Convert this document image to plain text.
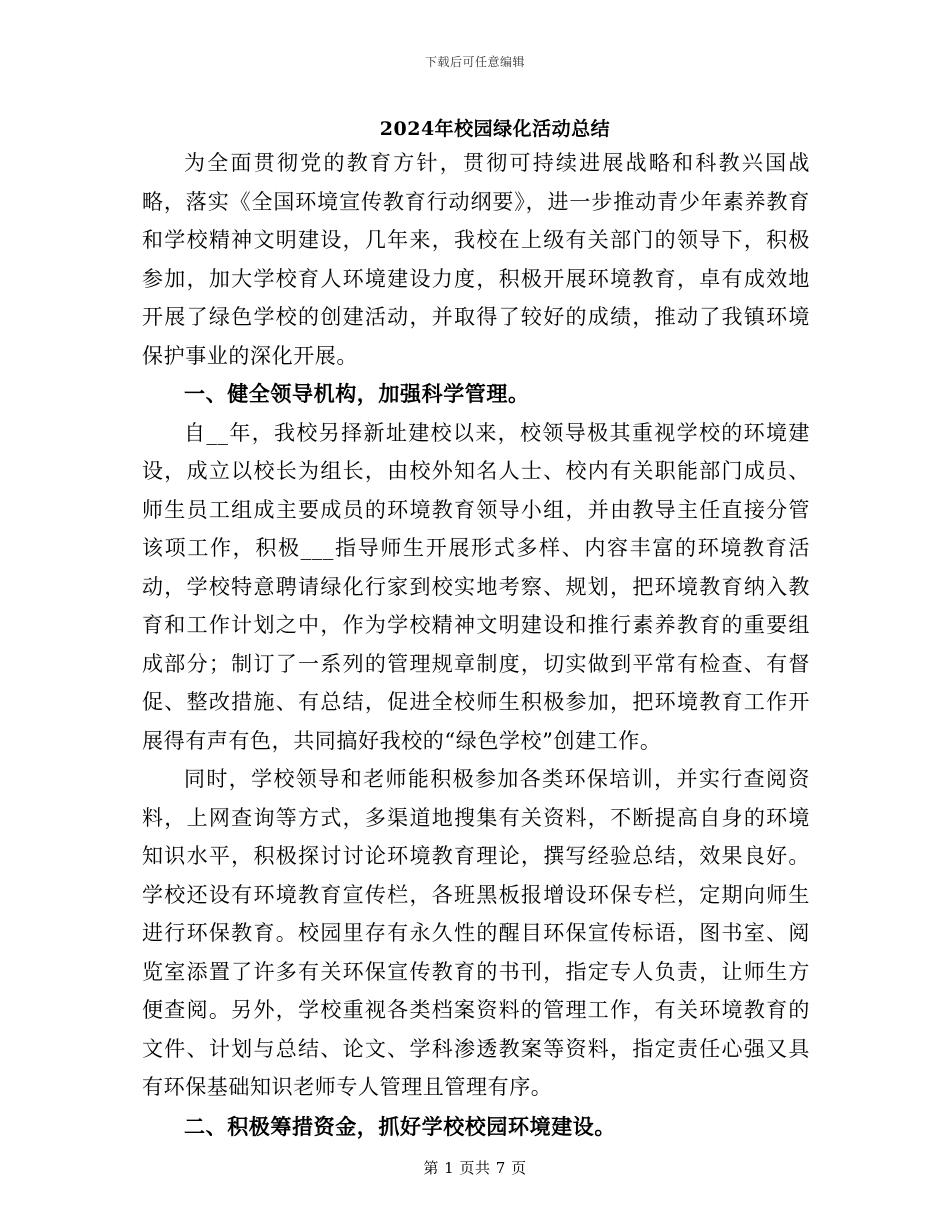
下载后可任意编辑
2024年校园绿化活动总结

为全面贯彻党的教育方针，贯彻可持续进展战略和科教兴国战略，落实《全国环境宣传教育行动纲要》，进一步推动青少年素养教育和学校精神文明建设，几年来，我校在上级有关部门的领导下，积极参加，加大学校育人环境建设力度，积极开展环境教育，卓有成效地开展了绿色学校的创建活动，并取得了较好的成绩，推动了我镇环境保护事业的深化开展。

一、健全领导机构，加强科学管理。

自__年，我校另择新址建校以来，校领导极其重视学校的环境建设，成立以校长为组长，由校外知名人士、校内有关职能部门成员、师生员工组成主要成员的环境教育领导小组，并由教导主任直接分管该项工作，积极___指导师生开展形式多样、内容丰富的环境教育活动，学校特意聘请绿化行家到校实地考察、规划，把环境教育纳入教育和工作计划之中，作为学校精神文明建设和推行素养教育的重要组成部分；制订了一系列的管理规章制度，切实做到平常有检查、有督促、整改措施、有总结，促进全校师生积极参加，把环境教育工作开展得有声有色，共同搞好我校的“绿色学校”创建工作。

同时，学校领导和老师能积极参加各类环保培训，并实行查阅资料，上网查询等方式，多渠道地搜集有关资料，不断提高自身的环境知识水平，积极探讨讨论环境教育理论，撰写经验总结，效果良好。学校还设有环境教育宣传栏，各班黑板报增设环保专栏，定期向师生进行环保教育。校园里存有永久性的醒目环保宣传标语，图书室、阅览室添置了许多有关环保宣传教育的书刊，指定专人负责，让师生方便查阅。另外，学校重视各类档案资料的管理工作，有关环境教育的文件、计划与总结、论文、学科渗透教案等资料，指定责任心强又具有环保基础知识老师专人管理且管理有序。

二、积极筹措资金，抓好学校校园环境建设。

第 1 页共 7 页
